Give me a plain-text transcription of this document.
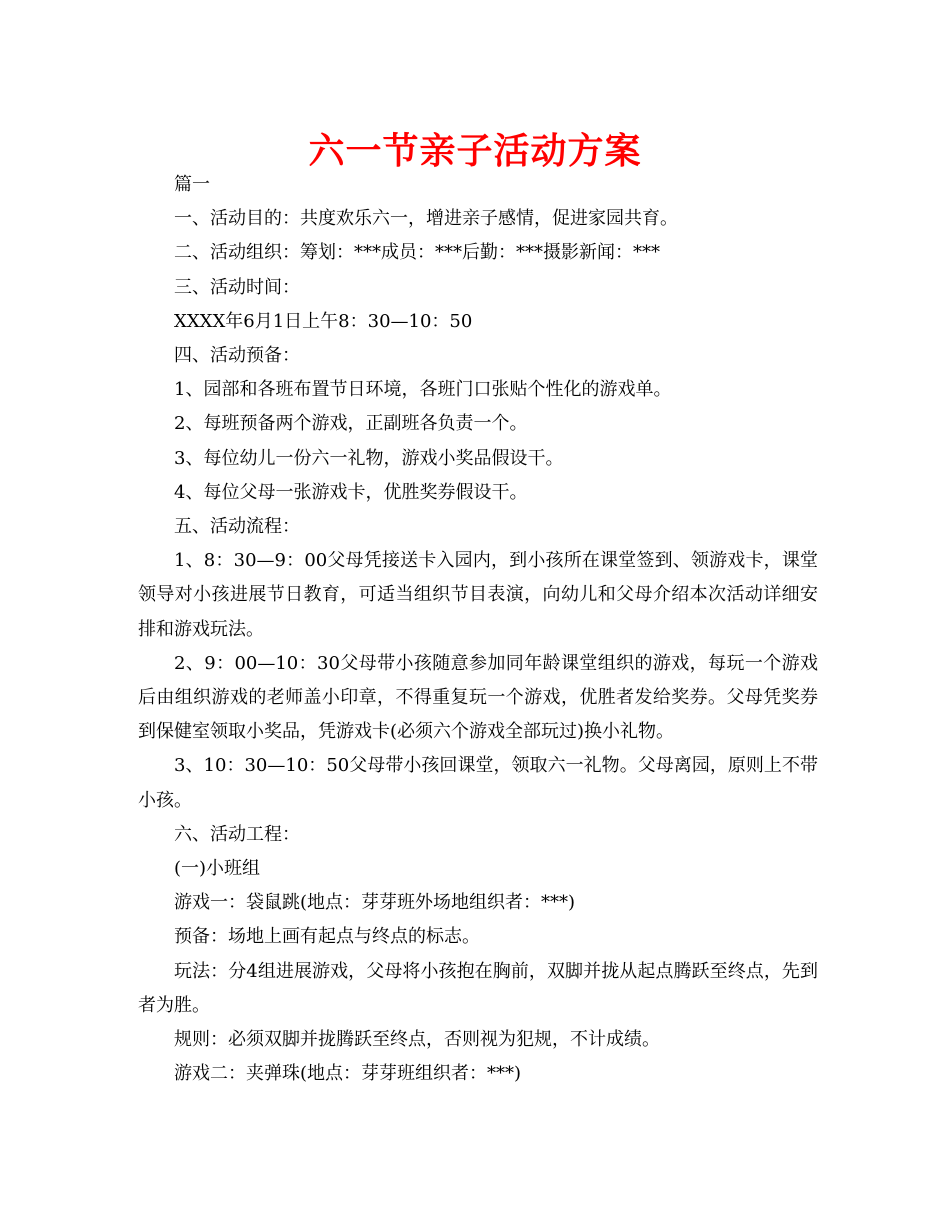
六一节亲子活动方案

篇一

一、活动目的：共度欢乐六一，增进亲子感情，促进家园共育。

二、活动组织：筹划：***成员：***后勤：***摄影新闻：***

三、活动时间：

XXXX年6月1日上午8：30—10：50

四、活动预备：

1、园部和各班布置节日环境，各班门口张贴个性化的游戏单。

2、每班预备两个游戏，正副班各负责一个。

3、每位幼儿一份六一礼物，游戏小奖品假设干。

4、每位父母一张游戏卡，优胜奖券假设干。

五、活动流程：

1、8：30—9：00父母凭接送卡入园内，到小孩所在课堂签到、领游戏卡，课堂领导对小孩进展节日教育，可适当组织节目表演，向幼儿和父母介绍本次活动详细安排和游戏玩法。

2、9：00—10：30父母带小孩随意参加同年龄课堂组织的游戏，每玩一个游戏后由组织游戏的老师盖小印章，不得重复玩一个游戏，优胜者发给奖券。父母凭奖券到保健室领取小奖品，凭游戏卡(必须六个游戏全部玩过)换小礼物。

3、10：30—10：50父母带小孩回课堂，领取六一礼物。父母离园，原则上不带小孩。

六、活动工程：

(一)小班组

游戏一：袋鼠跳(地点：芽芽班外场地组织者：***)

预备：场地上画有起点与终点的标志。

玩法：分4组进展游戏，父母将小孩抱在胸前，双脚并拢从起点腾跃至终点，先到者为胜。

规则：必须双脚并拢腾跃至终点，否则视为犯规，不计成绩。

游戏二：夹弹珠(地点：芽芽班组织者：***)
